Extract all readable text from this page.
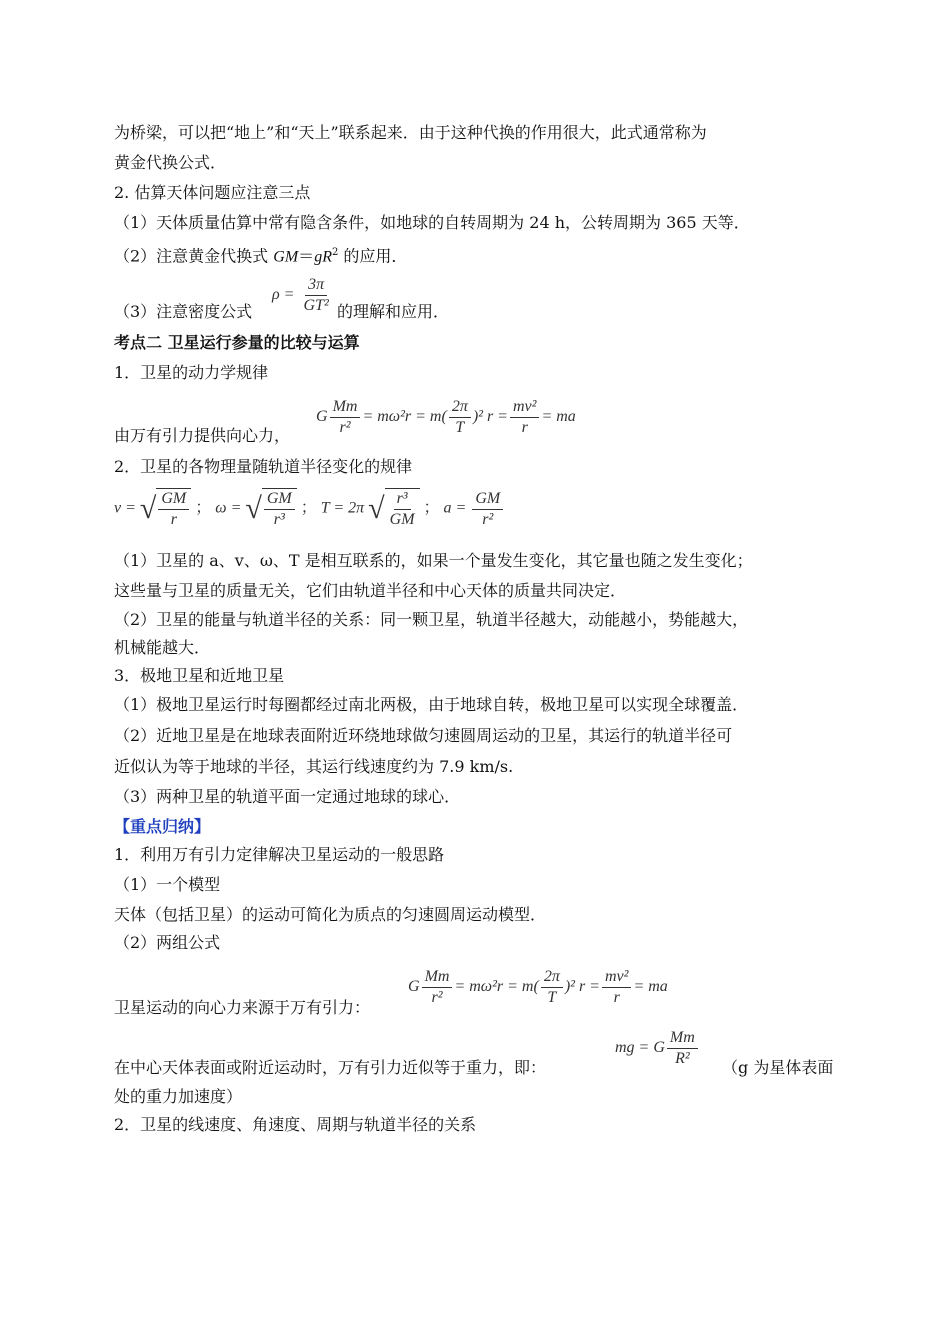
为桥梁，可以把“地上”和“天上”联系起来．由于这种代换的作用很大，此式通常称为
黄金代换公式．
2. 估算天体问题应注意三点
（1）天体质量估算中常有隐含条件，如地球的自转周期为 24 h，公转周期为 365 天等．
（2）注意黄金代换式 $GM=gR^2$ 的应用．
（3）注意密度公式
$\rho = \frac{3\pi}{\text{GT²}}$ 的理解和应用．
考点二 卫星运行参量的比较与运算
1．卫星的动力学规律
由万有引力提供向心力，
G $\frac{Mm}{\text{r²}} = m\omega^2r = m( \frac{2\pi}{T} )^2$ $r = \frac{\text{mv²}}{r}$ = ma
2．卫星的各物理量随轨道半径变化的规律
v = √ $\frac{GM}{r}$ ； ω = √ $\frac{GM}{\text{r³}}$ ； T = 2π √ $\frac{\text{r³}}{GM}$ ； $a = \frac{GM}{\text{r²}}$
（1）卫星的 a、v、ω、T 是相互联系的，如果一个量发生变化，其它量也随之发生变化；
这些量与卫星的质量无关，它们由轨道半径和中心天体的质量共同决定．
（2）卫星的能量与轨道半径的关系：同一颗卫星，轨道半径越大，动能越小，势能越大，
机械能越大．
3．极地卫星和近地卫星
（1）极地卫星运行时每圈都经过南北两极，由于地球自转，极地卫星可以实现全球覆盖．
（2）近地卫星是在地球表面附近环绕地球做匀速圆周运动的卫星，其运行的轨道半径可
近似认为等于地球的半径，其运行线速度约为 7.9 km/s.
（3）两种卫星的轨道平面一定通过地球的球心．
【重点归纳】
1．利用万有引力定律解决卫星运动的一般思路
（1）一个模型
天体（包括卫星）的运动可简化为质点的匀速圆周运动模型．
（2）两组公式
卫星运动的向心力来源于万有引力：
G $\frac{Mm}{\text{r²}} = m\omega^2r = m( \frac{2\pi}{T} )^2$ $r = \frac{\text{mv²}}{r}$ = ma
在中心天体表面或附近运动时，万有引力近似等于重力，即：
mg = G $\frac{Mm}{\text{R²}} (g$ 为星体表面
处的重力加速度）
2．卫星的线速度、角速度、周期与轨道半径的关系
